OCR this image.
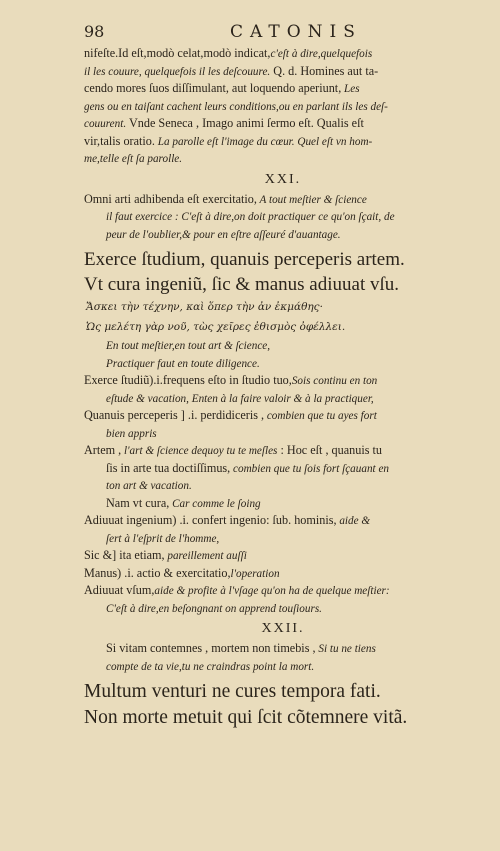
98	CATONIS
nifeſte.Id eſt,modò celat,modò indicat,c'eſt à dire,quelquefois
il les couure, quelquefois il les deſcouure. Q. d. Homines aut ta-
cendo mores ſuos diſſimulant, aut loquendo aperiunt, Les
gens ou en taiſant cachent leurs conditions,ou en parlant ils les deſ-
couurent. Vnde Seneca , Imago animi ſermo eſt. Qualis eſt
vir,talis oratio. La parolle eſt l'image du cœur. Quel eſt vn hom-
me,telle eſt ſa parolle.
XXI.
Omni arti adhibenda eſt exercitatio, A tout meſtier & ſcience
il faut exercice : C'eſt à dire,on doit practiquer ce qu'on ſçait, de
peur de l'oublier,& pour en eſtre aſſeuré d'auantage.
Exerce ſtudium, quanuis perceperis artem.
Vt cura ingeniũ, ſic & manus adiuuat vſu.
Ἄσκει τὴν τέχνην, καὶ ὅπερ τὴν ἀν ἐκμάθης·
Ὡς μελέτη γὰρ νοῦ, τὼς χεῖρες ἐθισμὸς ὀφέλλει.
En tout meſtier,en tout art & ſcience,
Practiquer faut en toute diligence.
Exerce ſtudiũ).i.frequens eſto in ſtudio tuo,Sois continu en ton
eſtude & vacation, Enten à la faire valoir & à la practiquer,
Quanuis perceperis ] .i. perdidiceris , combien que tu ayes fort
bien appris
Artem , l'art & ſcience dequoy tu te meſles : Hoc eſt , quanuis tu
ſis in arte tua doctiſſimus, combien que tu ſois fort ſçauant en
ton art & vacation.
Nam vt cura, Car comme le ſoing
Adiuuat ingenium) .i. confert ingenio: ſub. hominis, aide &
ſert à l'eſprit de l'homme,
Sic &] ita etiam, pareillement auſſi
Manus) .i. actio & exercitatio,l'operation
Adiuuat vſum,aide & profite à l'vſage qu'on ha de quelque meſtier:
C'eſt à dire,en beſongnant on apprend touſiours.
XXII.
Si vitam contemnes , mortem non timebis , Si tu ne tiens
compte de ta vie,tu ne craindras point la mort.
Multum venturi ne cures tempora fati.
Non morte metuit qui ſcit cõtemnere vitã.
